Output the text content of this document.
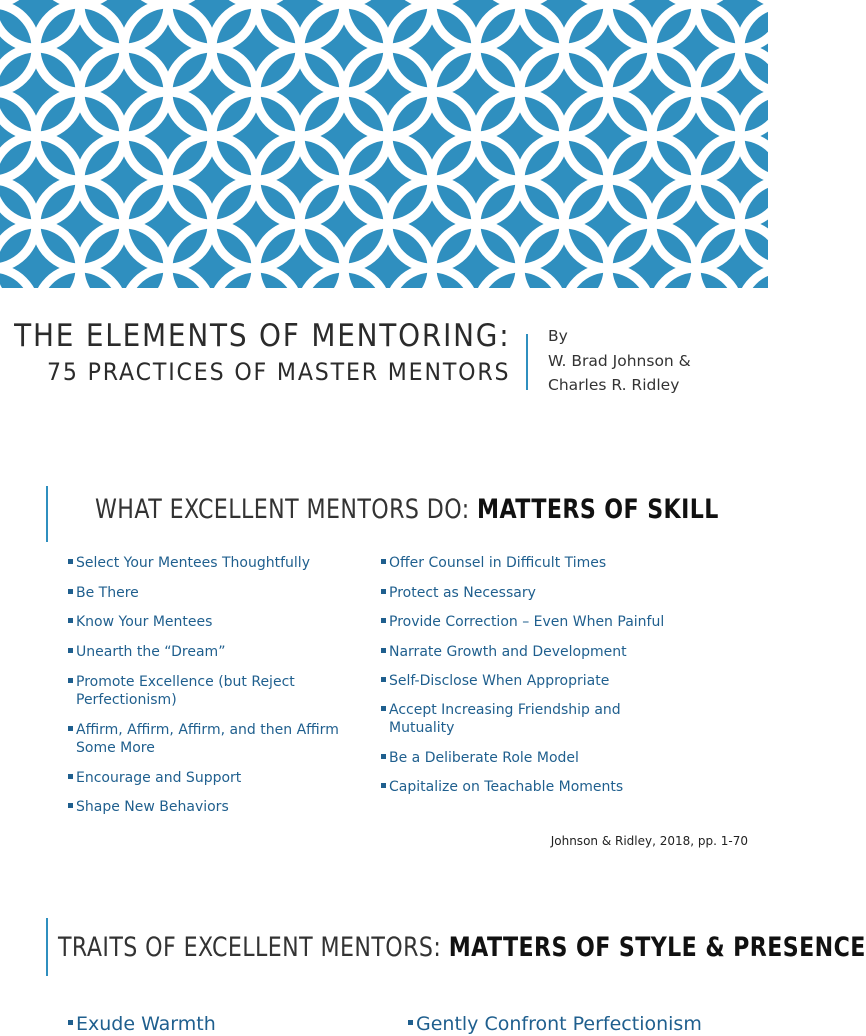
THE ELEMENTS OF MENTORING:
75 PRACTICES OF MASTER MENTORS
By
W. Brad Johnson &
Charles R. Ridley
WHAT EXCELLENT MENTORS DO: MATTERS OF SKILL
Select Your Mentees Thoughtfully
Be There
Know Your Mentees
Unearth the “Dream”
Promote Excellence (but Reject Perfectionism)
Affirm, Affirm, Affirm, and then Affirm Some More
Encourage and Support
Shape New Behaviors
Offer Counsel in Difficult Times
Protect as Necessary
Provide Correction – Even When Painful
Narrate Growth and Development
Self-Disclose When Appropriate
Accept Increasing Friendship and Mutuality
Be a Deliberate Role Model
Capitalize on Teachable Moments
Johnson & Ridley, 2018, pp. 1-70
TRAITS OF EXCELLENT MENTORS: MATTERS OF STYLE & PRESENCE
Exude Warmth	Gently Confront Perfectionism
